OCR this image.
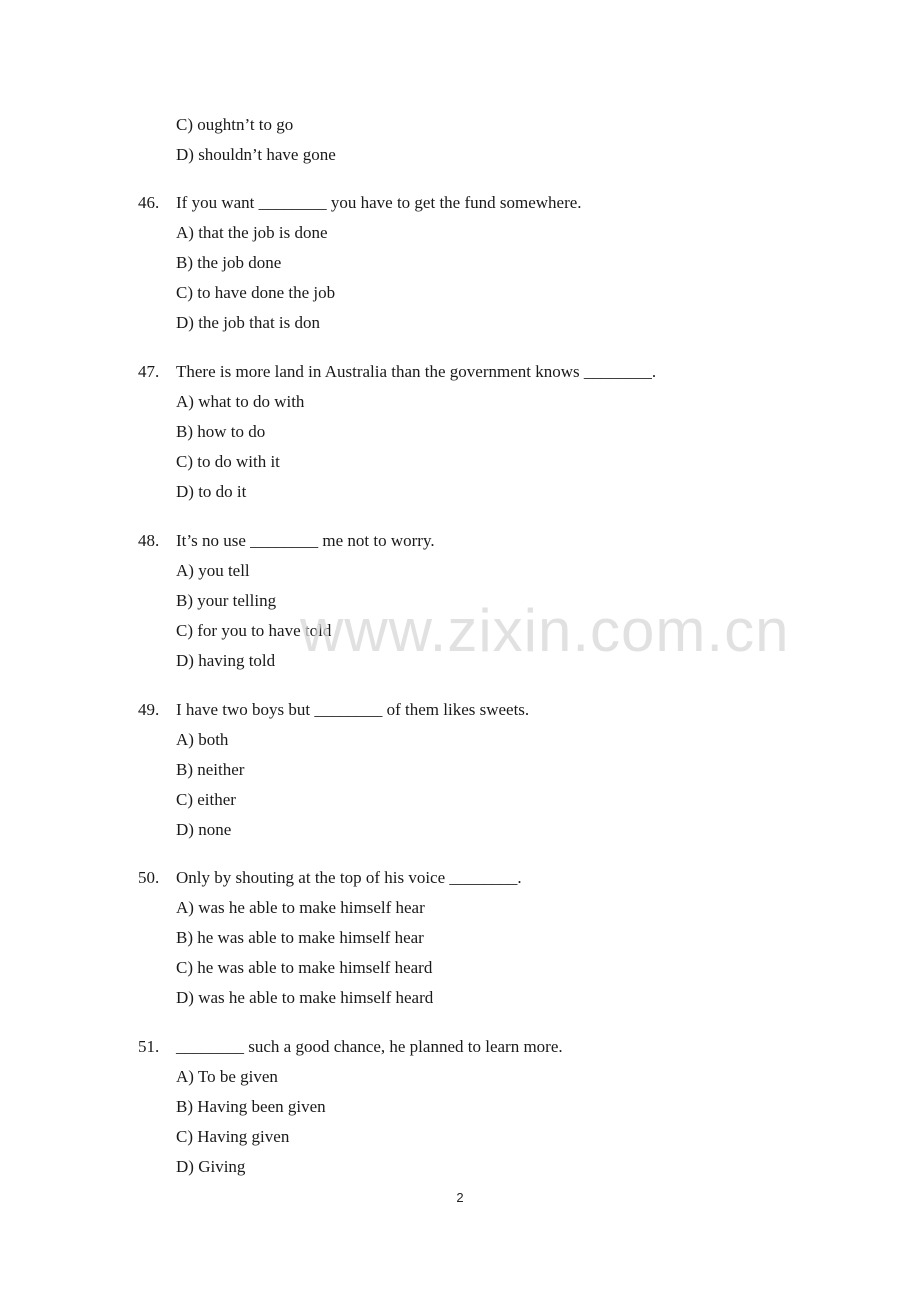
C) oughtn’t to go
D) shouldn’t have gone
46. If you want ________ you have to get the fund somewhere.
A) that the job is done
B) the job done
C) to have done the job
D) the job that is don
47. There is more land in Australia than the government knows ________.
A) what to do with
B) how to do
C) to do with it
D) to do it
48. It’s no use ________ me not to worry.
A) you tell
B) your telling
C) for you to have told
D) having told
49. I have two boys but ________ of them likes sweets.
A) both
B) neither
C) either
D) none
50. Only by shouting at the top of his voice ________.
A) was he able to make himself hear
B) he was able to make himself hear
C) he was able to make himself heard
D) was he able to make himself heard
51. ________ such a good chance, he planned to learn more.
A) To be given
B) Having been given
C) Having given
D) Giving
www.zixin.com.cn
2
